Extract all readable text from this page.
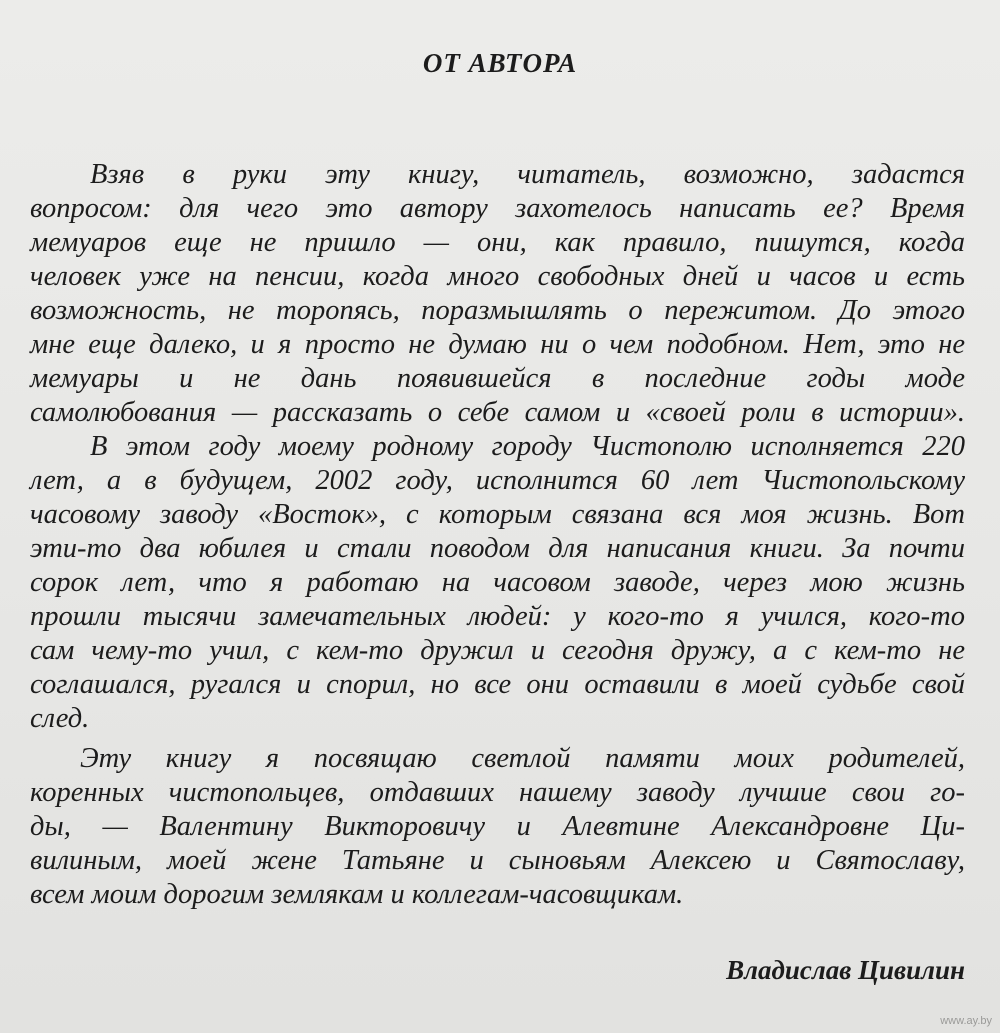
ОТ АВТОРА
Взяв в руки эту книгу, читатель, возможно, задастся
вопросом: для чего это автору захотелось написать ее? Время
мемуаров еще не пришло — они, как правило, пишутся, когда
человек уже на пенсии, когда много свободных дней и часов и есть
возможность, не торопясь, поразмышлять о пережитом. До этого
мне еще далеко, и я просто не думаю ни о чем подобном. Нет, это не
мемуары и не дань появившейся в последние годы моде
самолюбования — рассказать о себе самом и «своей роли в истории».
В этом году моему родному городу Чистополю исполняется 220
лет, а в будущем, 2002 году, исполнится 60 лет Чистопольскому
часовому заводу «Восток», с которым связана вся моя жизнь. Вот
эти-то два юбилея и стали поводом для написания книги. За почти
сорок лет, что я работаю на часовом заводе, через мою жизнь
прошли тысячи замечательных людей: у кого-то я учился, кого-то
сам чему-то учил, с кем-то дружил и сегодня дружу, а с кем-то не
соглашался, ругался и спорил, но все они оставили в моей судьбе свой
след.
Эту книгу я посвящаю светлой памяти моих родителей,
коренных чистопольцев, отдавших нашему заводу лучшие свои го-
ды, — Валентину Викторовичу и Алевтине Александровне Ци-
вилиным, моей жене Татьяне и сыновьям Алексею и Святославу,
всем моим дорогим землякам и коллегам-часовщикам.
Владислав Цивилин
www.ay.by
